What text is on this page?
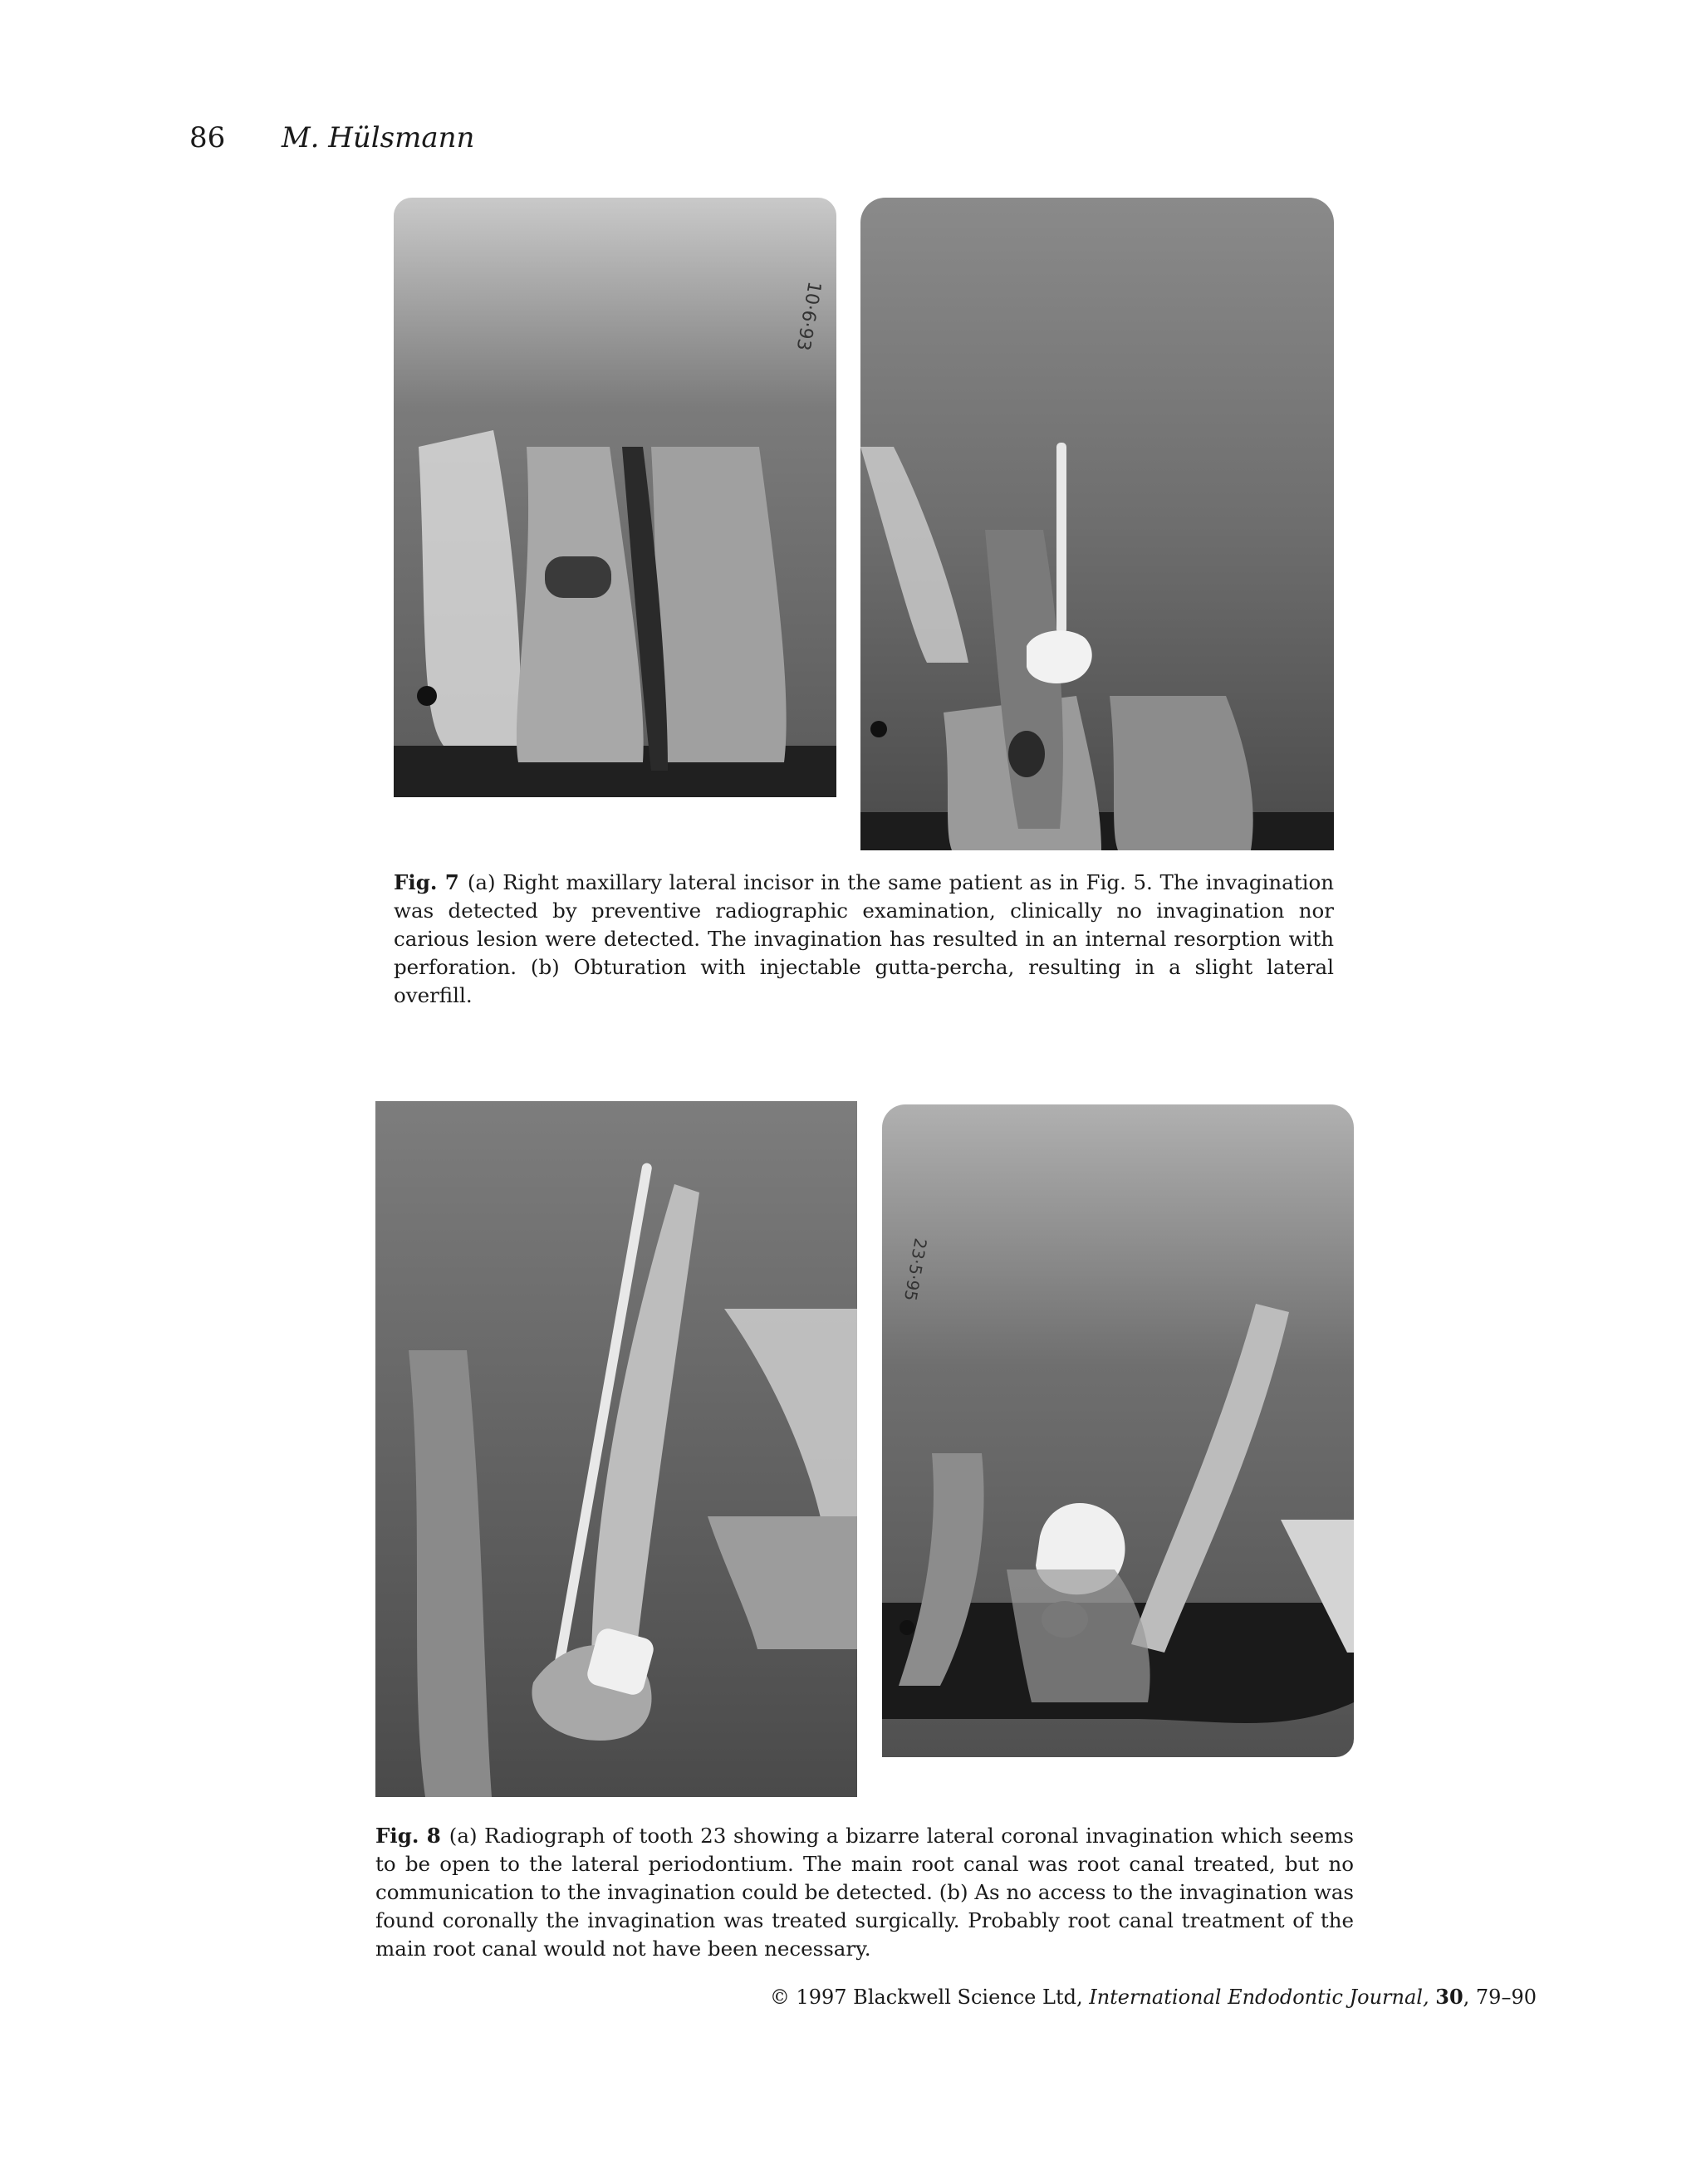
86 M. Hülsmann
10·6·93
Fig. 7 (a) Right maxillary lateral incisor in the same patient as in Fig. 5. The invagination was detected by preventive radiographic examination, clinically no invagination nor carious lesion were detected. The invagination has resulted in an internal resorption with perforation. (b) Obturation with injectable gutta-percha, resulting in a slight lateral overfill.
23·5·95
Fig. 8 (a) Radiograph of tooth 23 showing a bizarre lateral coronal invagination which seems to be open to the lateral periodontium. The main root canal was root canal treated, but no communication to the invagination could be detected. (b) As no access to the invagination was found coronally the invagination was treated surgically. Probably root canal treatment of the main root canal would not have been necessary.
© 1997 Blackwell Science Ltd, International Endodontic Journal, 30, 79–90
